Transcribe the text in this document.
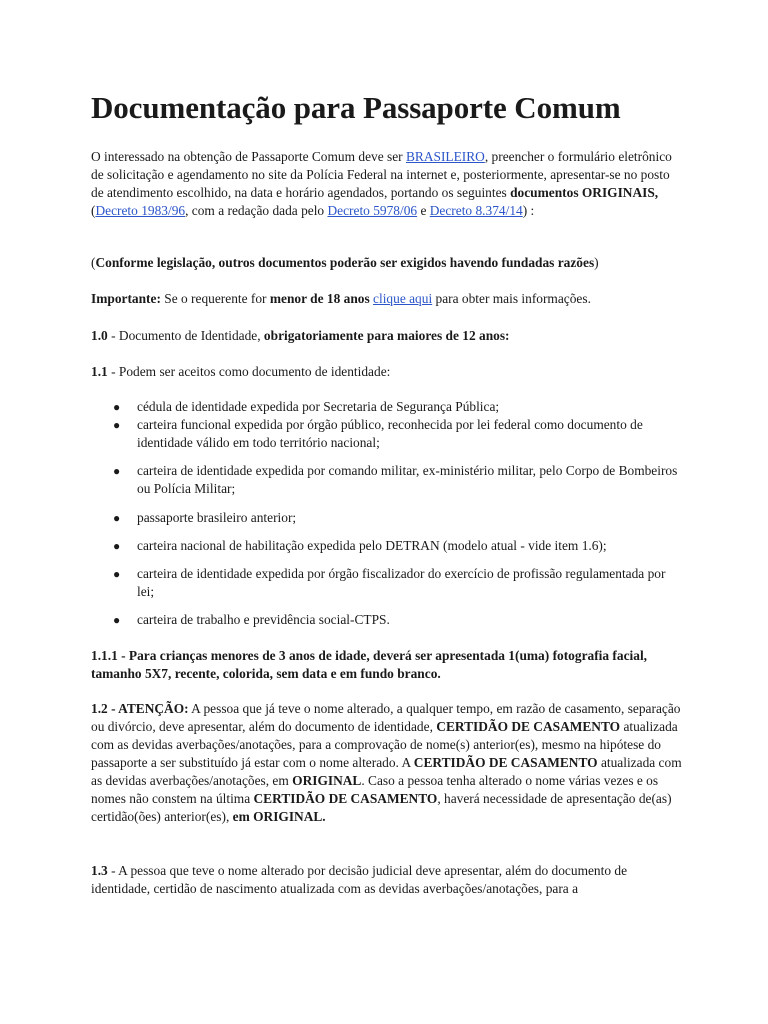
Documentação para Passaporte Comum
O interessado na obtenção de Passaporte Comum deve ser BRASILEIRO, preencher o formulário eletrônico de solicitação e agendamento no site da Polícia Federal na internet e, posteriormente, apresentar-se no posto de atendimento escolhido, na data e horário agendados, portando os seguintes documentos ORIGINAIS, (Decreto 1983/96, com a redação dada pelo Decreto 5978/06 e Decreto 8.374/14) :
(Conforme legislação, outros documentos poderão ser exigidos havendo fundadas razões)
Importante: Se o requerente for menor de 18 anos clique aqui para obter mais informações.
1.0 - Documento de Identidade, obrigatoriamente para maiores de 12 anos:
1.1 - Podem ser aceitos como documento de identidade:
● cédula de identidade expedida por Secretaria de Segurança Pública;
● carteira funcional expedida por órgão público, reconhecida por lei federal como documento de identidade válido em todo território nacional;
● carteira de identidade expedida por comando militar, ex-ministério militar, pelo Corpo de Bombeiros ou Polícia Militar;
● passaporte brasileiro anterior;
● carteira nacional de habilitação expedida pelo DETRAN (modelo atual - vide item 1.6);
● carteira de identidade expedida por órgão fiscalizador do exercício de profissão regulamentada por lei;
● carteira de trabalho e previdência social-CTPS.
1.1.1 - Para crianças menores de 3 anos de idade, deverá ser apresentada 1(uma) fotografia facial, tamanho 5X7, recente, colorida, sem data e em fundo branco.
1.2 - ATENÇÃO: A pessoa que já teve o nome alterado, a qualquer tempo, em razão de casamento, separação ou divórcio, deve apresentar, além do documento de identidade, CERTIDÃO DE CASAMENTO atualizada com as devidas averbações/anotações, para a comprovação de nome(s) anterior(es), mesmo na hipótese do passaporte a ser substituído já estar com o nome alterado. A CERTIDÃO DE CASAMENTO atualizada com as devidas averbações/anotações, em ORIGINAL. Caso a pessoa tenha alterado o nome várias vezes e os nomes não constem na última CERTIDÃO DE CASAMENTO, haverá necessidade de apresentação de(as) certidão(ões) anterior(es), em ORIGINAL.
1.3 - A pessoa que teve o nome alterado por decisão judicial deve apresentar, além do documento de identidade, certidão de nascimento atualizada com as devidas averbações/anotações, para a
